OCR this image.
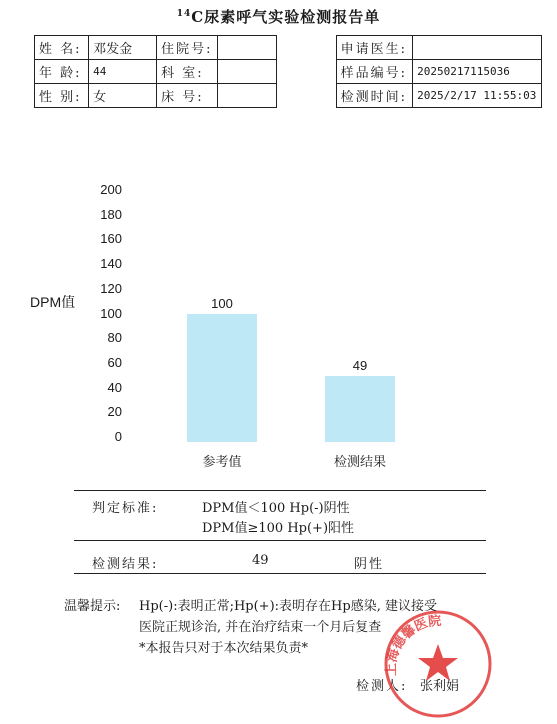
$^{14}$C尿素呼气实验检测报告单
姓 名:	邓发金	住院号:			申请医生:	
年 龄:	44	科 室:			样品编号:	20250217115036
性 别:	女	床 号:			检测时间:	2025/2/17 11:55:03
DPM值
200
180
160
140
120
100
80
60
40
20
0
100
参考值
49
检测结果
判定标准:	DPM值＜100 Hp(-)阴性
DPM值≥100 Hp(+)阳性
检测结果:	49	阴性
温馨提示: Hp(-):表明正常;Hp(+):表明存在Hp感染, 建议接受
医院正规诊治, 并在治疗结束一个月后复查
*本报告只对于本次结果负责*
检测人: 张利娟
上海德馨医院
